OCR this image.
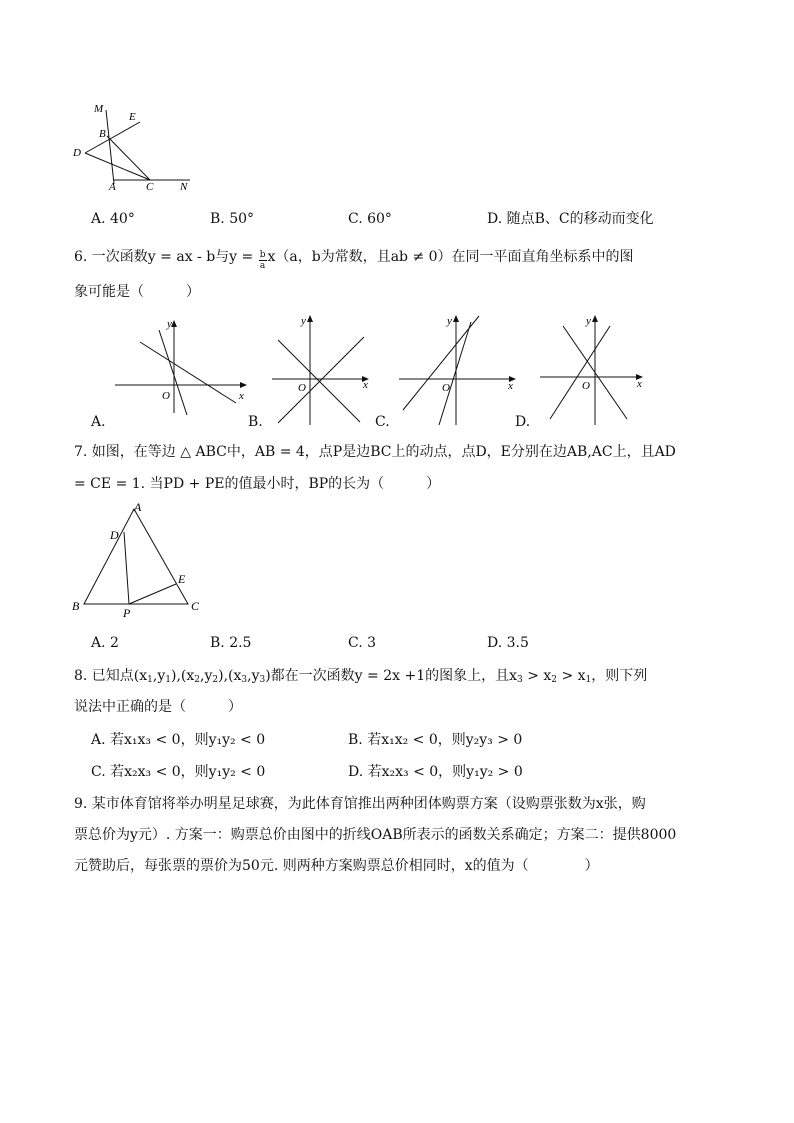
M
E
B
D
A	C N
A. 40°	B. 50°	C. 60°	D. 随点B、C的移动而变化
6. 一次函数y = ax - b与$y = \frac{b}{a} x(a$，b为常数，且ab ≠ 0）在同一平面直角坐标系中的图
象可能是（　　　）
x
y
O
x
y
O	x
y
O	x
y
O
A.	B.	C.	D.
7. 如图，在等边 △ ABC中，AB = 4，点P是边BC上的动点，点D，E分别在边AB,AC上，且AD
= CE = 1. 当PD + PE的值最小时，BP的长为（　　　）
A
D
E
B	P	C
A. 2	B. 2.5	C. 3	D. 3.5
8. 已知点$(x_1,y_1),(x_2,y_2),(x_3,y_3)$都在一次函数y = 2x +1的图象上，且$x_3 > x_2 > x_1$，则下列
说法中正确的是（　　　）
A. 若x₁x₃ < 0，则y₁y₂ < 0	B. 若x₁x₂ < 0，则y₂y₃ > 0
C. 若x₂x₃ < 0，则y₁y₂ < 0	D. 若x₂x₃ < 0，则y₁y₂ > 0
9. 某市体育馆将举办明星足球赛，为此体育馆推出两种团体购票方案（设购票张数为x张，购
票总价为y元）. 方案一：购票总价由图中的折线OAB所表示的函数关系确定；方案二：提供8000
元赞助后，每张票的票价为50元. 则两种方案购票总价相同时，x的值为（　　　　）
